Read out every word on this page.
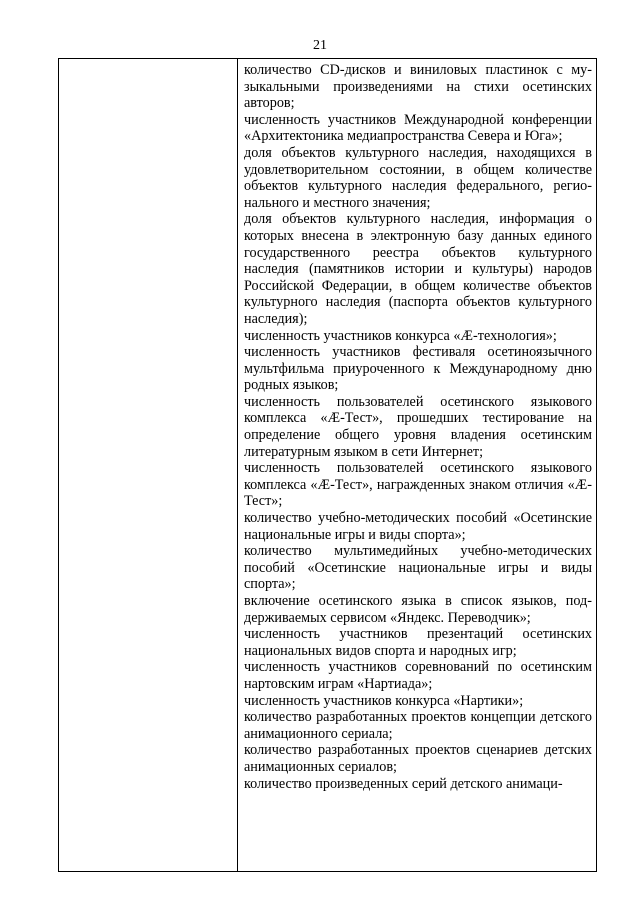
21

количество CD-дисков и виниловых пластинок с музыкальными произведениями на стихи осетинских авторов;
численность участников Международной конференции «Архитектоника медиапространства Севера и Юга»;
доля объектов культурного наследия, находящихся в удовлетворительном состоянии, в общем количестве объектов культурного наследия федерального, регионального и местного значения;
доля объектов культурного наследия, информация о которых внесена в электронную базу данных единого государственного реестра объектов культурного наследия (памятников истории и культуры) народов Российской Федерации, в общем количестве объектов культурного наследия (паспорта объектов культурного наследия);
численность участников конкурса «Æ-технология»;
численность участников фестиваля осетиноязычного мультфильма приуроченного к Международному дню родных языков;
численность пользователей осетинского языкового комплекса «Æ-Тест», прошедших тестирование на определение общего уровня владения осетинским литературным языком в сети Интернет;
численность пользователей осетинского языкового комплекса «Æ-Тест», награжденных знаком отличия «Æ-Тест»;
количество учебно-методических пособий «Осетинские национальные игры и виды спорта»;
количество мультимедийных учебно-методических пособий «Осетинские национальные игры и виды спорта»;
включение осетинского языка в список языков, поддерживаемых сервисом «Яндекс. Переводчик»;
численность участников презентаций осетинских национальных видов спорта и народных игр;
численность участников соревнований по осетинским нартовским играм «Нартиада»;
численность участников конкурса «Нартики»;
количество разработанных проектов концепции детского анимационного сериала;
количество разработанных проектов сценариев детских анимационных сериалов;
количество произведенных серий детского анимаци-
